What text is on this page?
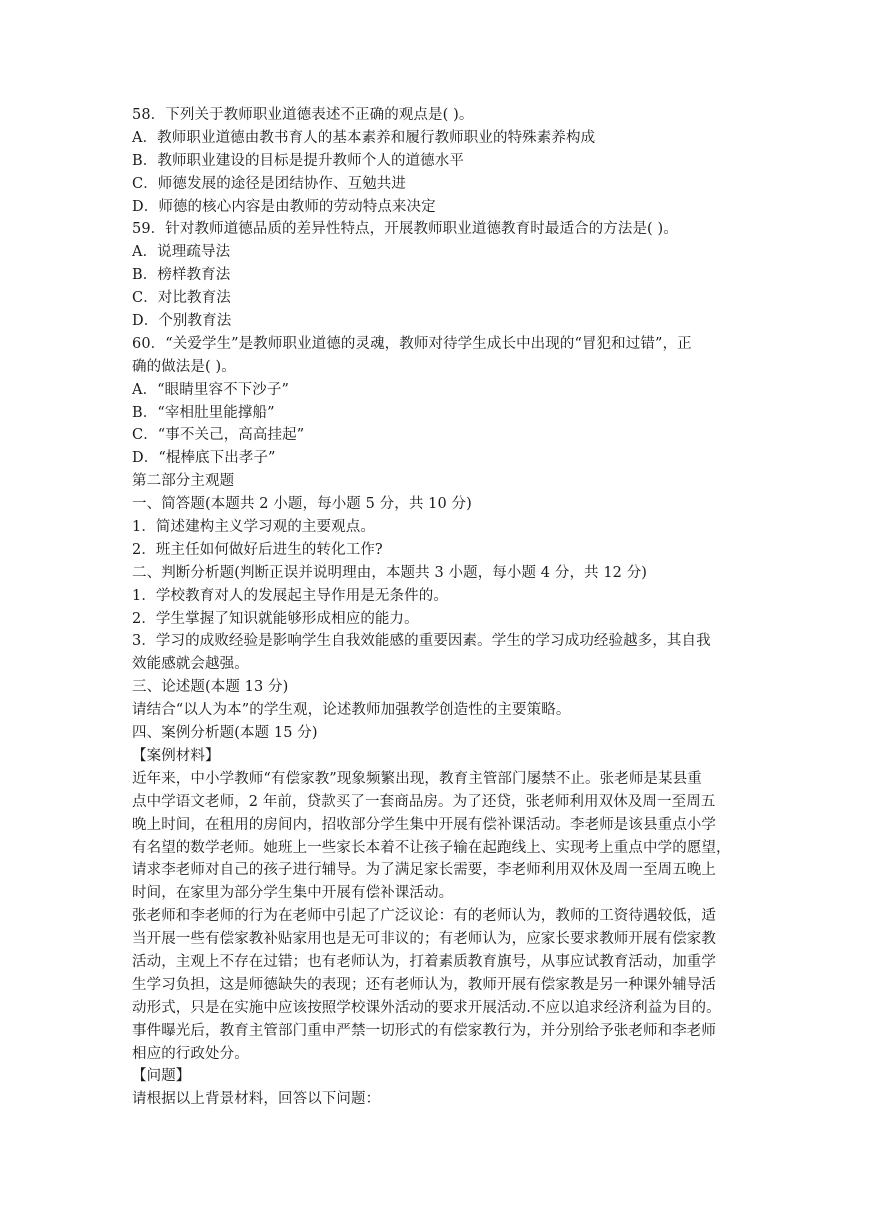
58．下列关于教师职业道德表述不正确的观点是( )。
A．教师职业道德由教书育人的基本素养和履行教师职业的特殊素养构成
B．教师职业建设的目标是提升教师个人的道德水平
C．师德发展的途径是团结协作、互勉共进
D．师德的核心内容是由教师的劳动特点来决定
59．针对教师道德品质的差异性特点，开展教师职业道德教育时最适合的方法是( )。
A．说理疏导法
B．榜样教育法
C．对比教育法
D．个别教育法
60．“关爱学生”是教师职业道德的灵魂，教师对待学生成长中出现的“冒犯和过错”，正
确的做法是( )。
A．“眼睛里容不下沙子”
B．“宰相肚里能撑船”
C．“事不关己，高高挂起”
D．“棍棒底下出孝子”
第二部分主观题
一、简答题(本题共 2 小题，每小题 5 分，共 10 分)
1．简述建构主义学习观的主要观点。
2．班主任如何做好后进生的转化工作?
二、判断分析题(判断正误并说明理由，本题共 3 小题，每小题 4 分，共 12 分)
1．学校教育对人的发展起主导作用是无条件的。
2．学生掌握了知识就能够形成相应的能力。
3．学习的成败经验是影响学生自我效能感的重要因素。学生的学习成功经验越多，其自我
效能感就会越强。
三、论述题(本题 13 分)
请结合“以人为本”的学生观，论述教师加强教学创造性的主要策略。
四、案例分析题(本题 15 分)
【案例材料】
近年来，中小学教师“有偿家教”现象频繁出现，教育主管部门屡禁不止。张老师是某县重
点中学语文老师，2 年前，贷款买了一套商品房。为了还贷，张老师利用双休及周一至周五
晚上时间，在租用的房间内，招收部分学生集中开展有偿补课活动。李老师是该县重点小学
有名望的数学老师。她班上一些家长本着不让孩子输在起跑线上、实现考上重点中学的愿望，
请求李老师对自己的孩子进行辅导。为了满足家长需要，李老师利用双休及周一至周五晚上
时间，在家里为部分学生集中开展有偿补课活动。
张老师和李老师的行为在老师中引起了广泛议论：有的老师认为，教师的工资待遇较低，适
当开展一些有偿家教补贴家用也是无可非议的；有老师认为，应家长要求教师开展有偿家教
活动，主观上不存在过错；也有老师认为，打着素质教育旗号，从事应试教育活动，加重学
生学习负担，这是师德缺失的表现；还有老师认为，教师开展有偿家教是另一种课外辅导活
动形式，只是在实施中应该按照学校课外活动的要求开展活动.不应以追求经济利益为目的。
事件曝光后，教育主管部门重申严禁一切形式的有偿家教行为，并分别给予张老师和李老师
相应的行政处分。
【问题】
请根据以上背景材料，回答以下问题：
